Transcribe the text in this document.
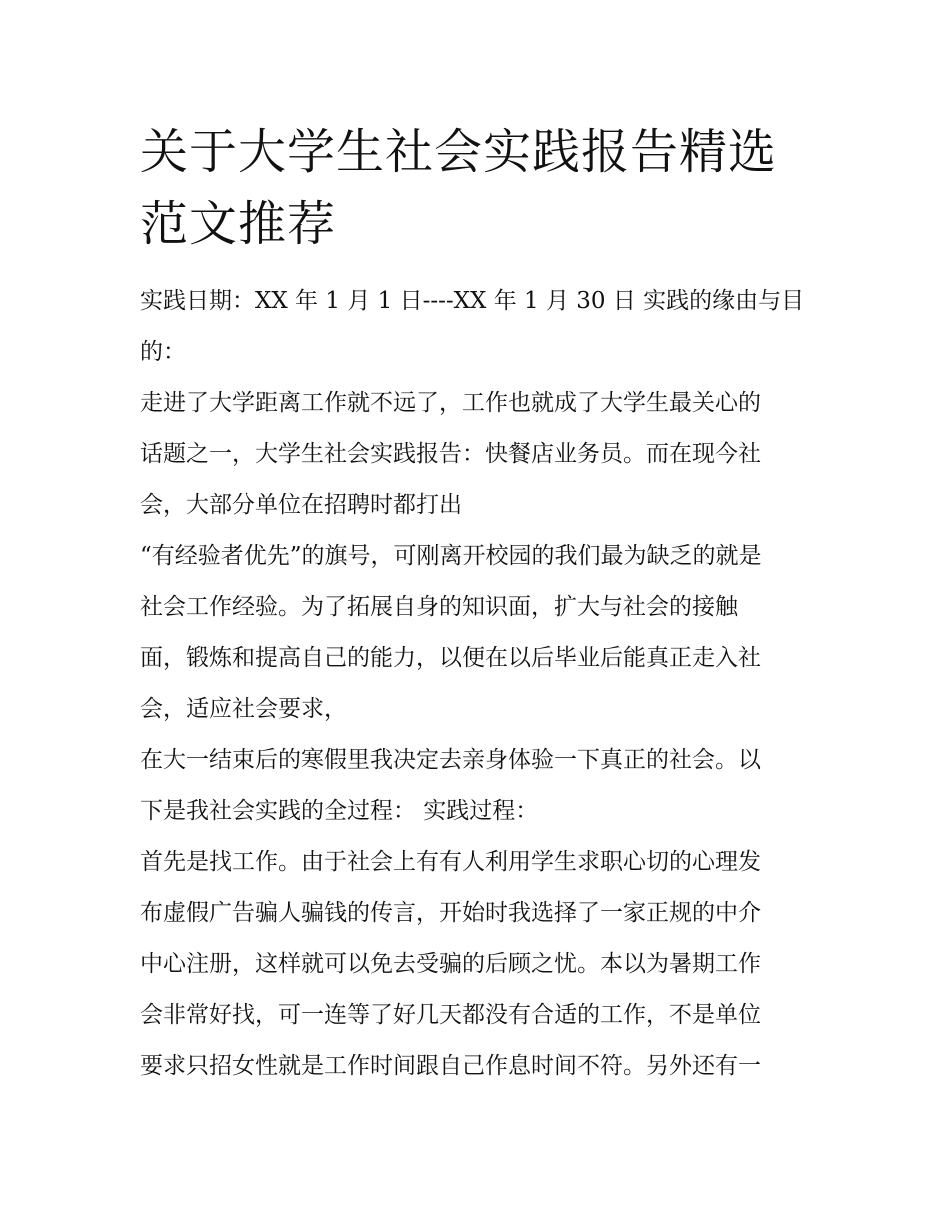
关于大学生社会实践报告精选
范文推荐
实践日期：XX 年 1 月 1 日----XX 年 1 月 30 日 实践的缘由与目
的：
走进了大学距离工作就不远了，工作也就成了大学生最关心的
话题之一，大学生社会实践报告：快餐店业务员。而在现今社
会，大部分单位在招聘时都打出
“有经验者优先”的旗号，可刚离开校园的我们最为缺乏的就是
社会工作经验。为了拓展自身的知识面，扩大与社会的接触
面，锻炼和提高自己的能力，以便在以后毕业后能真正走入社
会，适应社会要求，
在大一结束后的寒假里我决定去亲身体验一下真正的社会。以
下是我社会实践的全过程： 实践过程：
首先是找工作。由于社会上有有人利用学生求职心切的心理发
布虚假广告骗人骗钱的传言，开始时我选择了一家正规的中介
中心注册，这样就可以免去受骗的后顾之忧。本以为暑期工作
会非常好找，可一连等了好几天都没有合适的工作，不是单位
要求只招女性就是工作时间跟自己作息时间不符。另外还有一
